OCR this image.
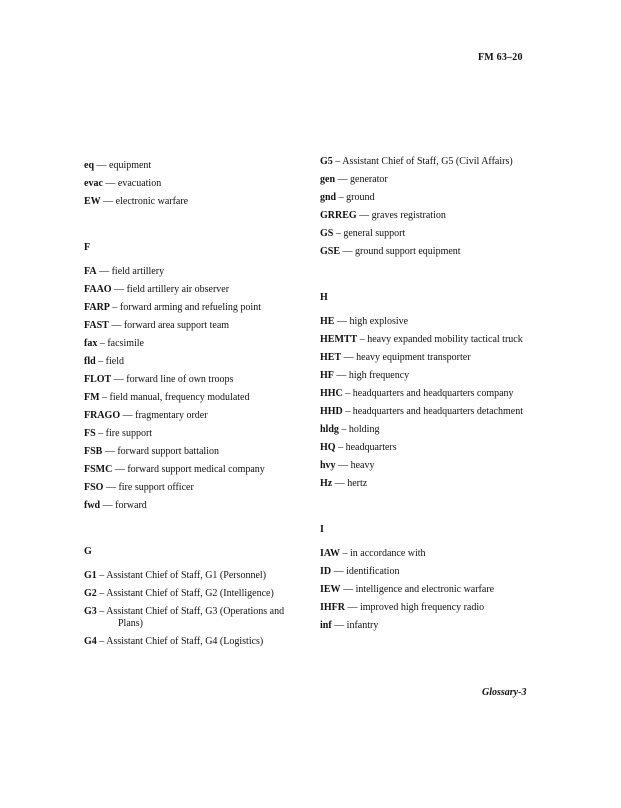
FM 63–20
eq — equipment
evac — evacuation
EW — electronic warfare
F
FA — field artillery
FAAO — field artillery air observer
FARP – forward arming and refueling point
FAST — forward area support team
fax – facsimile
fld – field
FLOT — forward line of own troops
FM – field manual, frequency modulated
FRAGO — fragmentary order
FS – fire support
FSB — forward support battalion
FSMC — forward support medical company
FSO — fire support officer
fwd — forward
G
G1 – Assistant Chief of Staff, G1 (Personnel)
G2 – Assistant Chief of Staff, G2 (Intelligence)
G3 – Assistant Chief of Staff, G3 (Operations and Plans)
G4 – Assistant Chief of Staff, G4 (Logistics)
G5 – Assistant Chief of Staff, G5 (Civil Affairs)
gen — generator
gnd – ground
GRREG — graves registration
GS – general support
GSE — ground support equipment
H
HE — high explosive
HEMTT – heavy expanded mobility tactical truck
HET — heavy equipment transporter
HF — high frequency
HHC – headquarters and headquarters company
HHD – headquarters and headquarters detachment
hldg – holding
HQ – headquarters
hvy — heavy
Hz — hertz
I
IAW – in accordance with
ID — identification
IEW — intelligence and electronic warfare
IHFR — improved high frequency radio
inf — infantry
Glossary-3
